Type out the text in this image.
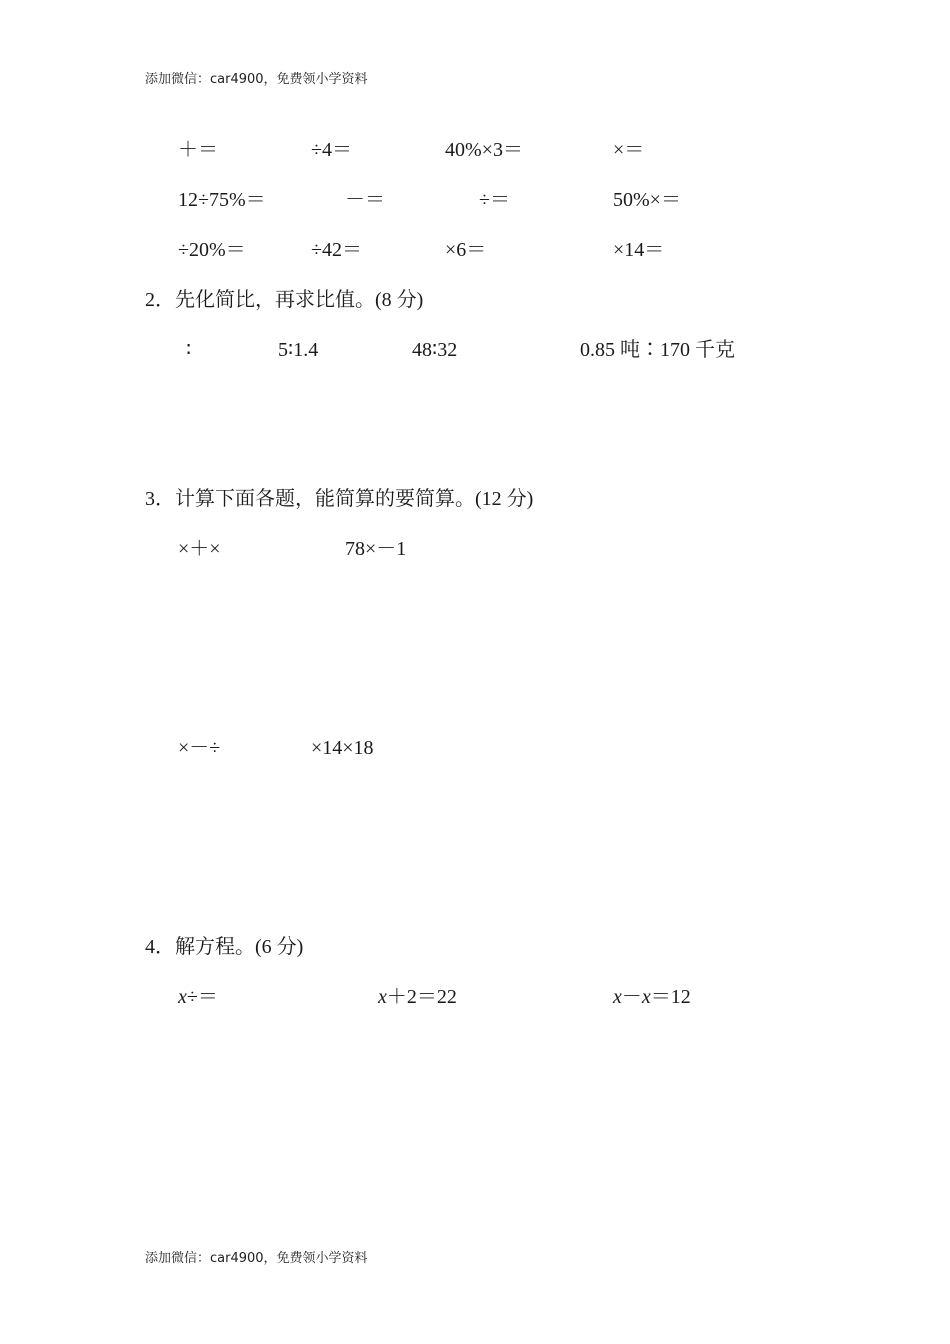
添加微信：car4900，免费领小学资料
＋＝	÷4＝	40%×3＝	×＝
12÷75%＝	－＝	÷＝	50%×＝
÷20%＝	÷42＝	×6＝	×14＝
2．先化简比，再求比值。(8 分)
∶	5∶1.4	48∶32	0.85 吨∶170 千克
3．计算下面各题，能简算的要简算。(12 分)
×＋×	78×－1
×－÷	×14×18
4．解方程。(6 分)
x÷＝	x＋2＝22	x－x＝12
添加微信：car4900，免费领小学资料
